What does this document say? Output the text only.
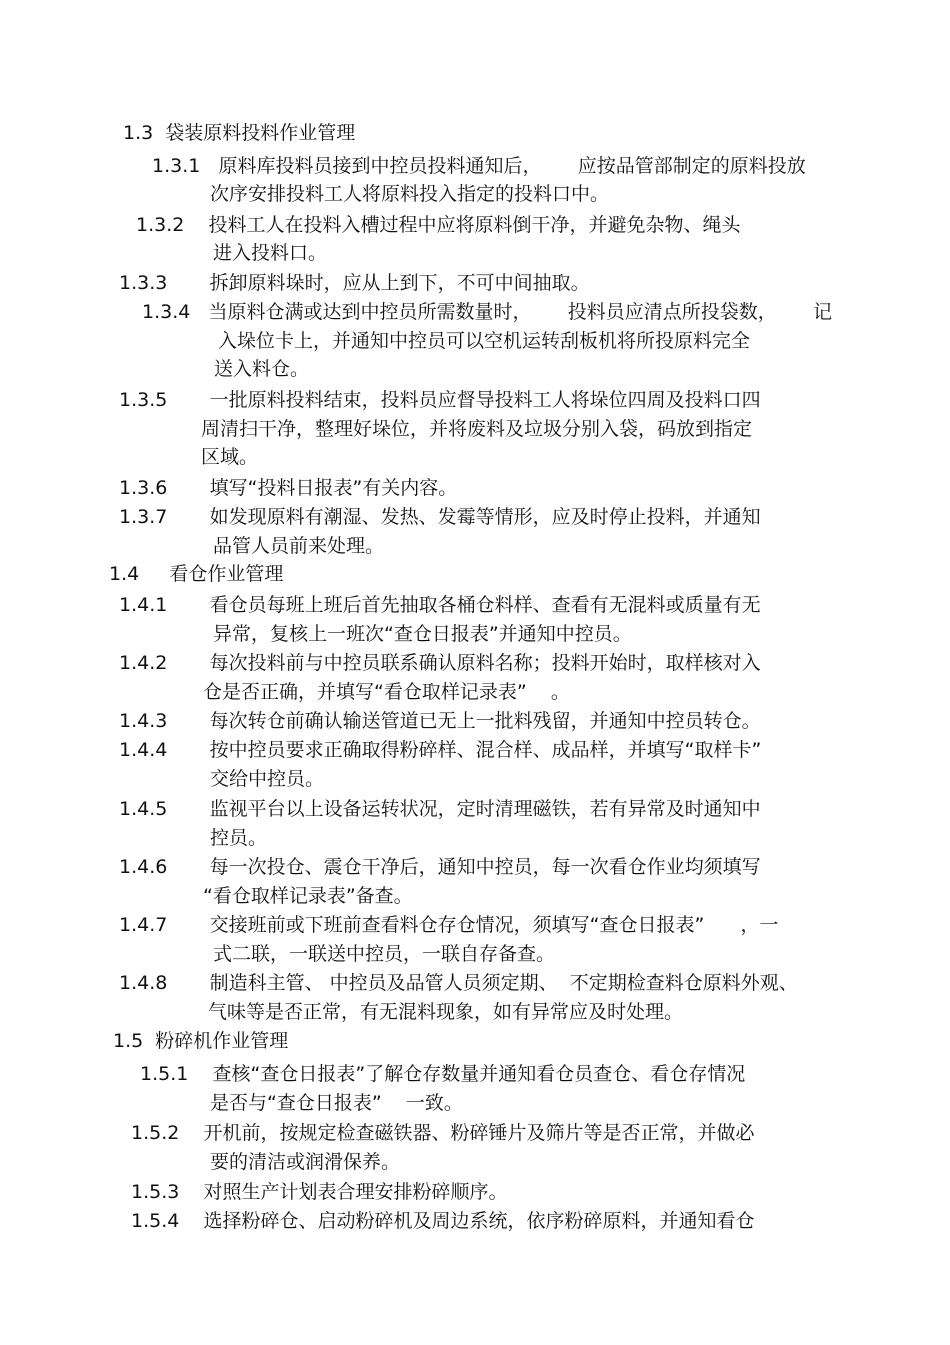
1.3  袋装原料投料作业管理
1.3.1   原料库投料员接到中控员投料通知后，      应按品管部制定的原料投放
次序安排投料工人将原料投入指定的投料口中。
1.3.2    投料工人在投料入槽过程中应将原料倒干净，并避免杂物、绳头
进入投料口。
1.3.3       拆卸原料垛时，应从上到下，不可中间抽取。
1.3.4   当原料仓满或达到中控员所需数量时，      投料员应清点所投袋数，      记
入垛位卡上，并通知中控员可以空机运转刮板机将所投原料完全
送入料仓。
1.3.5       一批原料投料结束，投料员应督导投料工人将垛位四周及投料口四
周清扫干净，整理好垛位，并将废料及垃圾分别入袋，码放到指定
区域。
1.3.6       填写“投料日报表”有关内容。
1.3.7       如发现原料有潮湿、发热、发霉等情形，应及时停止投料，并通知
品管人员前来处理。
1.4     看仓作业管理
1.4.1       看仓员每班上班后首先抽取各桶仓料样、查看有无混料或质量有无
异常，复核上一班次“查仓日报表”并通知中控员。
1.4.2       每次投料前与中控员联系确认原料名称；投料开始时，取样核对入
仓是否正确，并填写“看仓取样记录表”    。
1.4.3       每次转仓前确认输送管道已无上一批料残留，并通知中控员转仓。
1.4.4       按中控员要求正确取得粉碎样、混合样、成品样，并填写“取样卡”
交给中控员。
1.4.5       监视平台以上设备运转状况，定时清理磁铁，若有异常及时通知中
控员。
1.4.6       每一次投仓、震仓干净后，通知中控员，每一次看仓作业均须填写
“看仓取样记录表”备查。
1.4.7       交接班前或下班前查看料仓存仓情况，须填写“查仓日报表”      ，一
式二联，一联送中控员，一联自存备查。
1.4.8       制造科主管、 中控员及品管人员须定期、  不定期检查料仓原料外观、
气味等是否正常，有无混料现象，如有异常应及时处理。
1.5  粉碎机作业管理
1.5.1    查核“查仓日报表”了解仓存数量并通知看仓员查仓、看仓存情况
是否与“查仓日报表”    一致。
1.5.2    开机前，按规定检查磁铁器、粉碎锤片及筛片等是否正常，并做必
要的清洁或润滑保养。
1.5.3    对照生产计划表合理安排粉碎顺序。
1.5.4    选择粉碎仓、启动粉碎机及周边系统，依序粉碎原料，并通知看仓
